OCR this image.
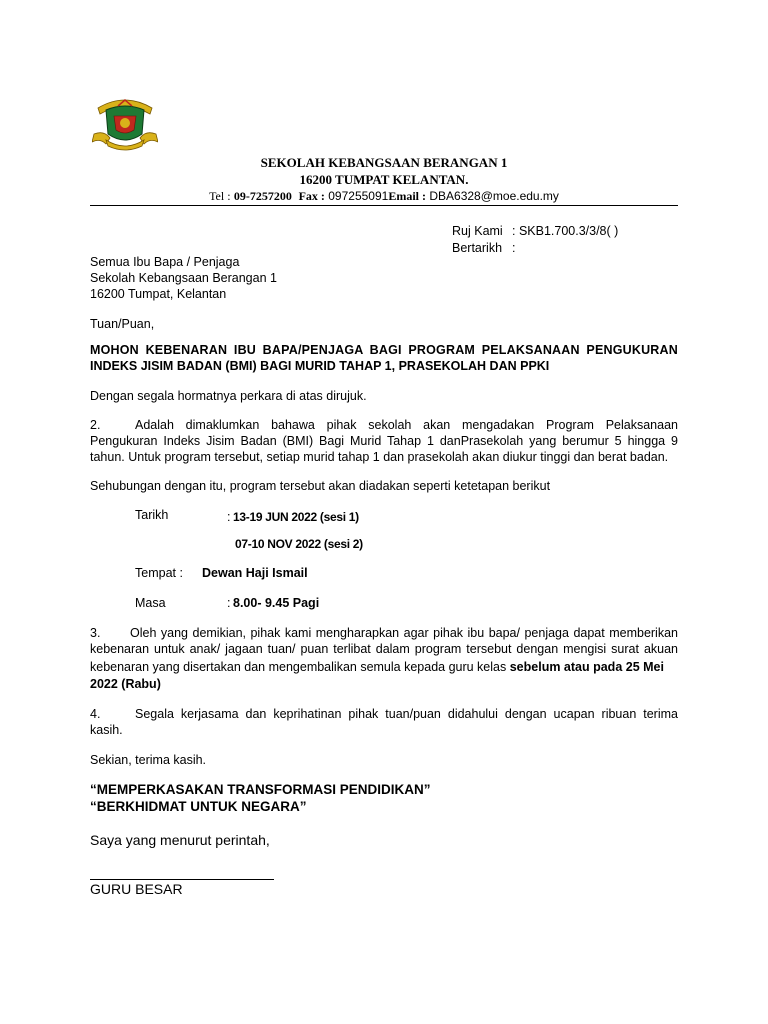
SEKOLAH KEBANGSAAN BERANGAN 1
16200 TUMPAT KELANTAN.
Tel : 09-7257200 Fax : 097255091Email : DBA6328@moe.edu.my
Ruj Kami : SKB1.700.3/3/8( )
Bertarikh :
Semua Ibu Bapa / Penjaga
Sekolah Kebangsaan Berangan 1
16200 Tumpat, Kelantan
Tuan/Puan,
MOHON KEBENARAN IBU BAPA/PENJAGA BAGI PROGRAM PELAKSANAAN PENGUKURAN
INDEKS JISIM BADAN (BMI) BAGI MURID TAHAP 1, PRASEKOLAH DAN PPKI
Dengan segala hormatnya perkara di atas dirujuk.
2.	Adalah dimaklumkan bahawa pihak sekolah akan mengadakan Program Pelaksanaan
Pengukuran Indeks Jisim Badan (BMI) Bagi Murid Tahap 1 danPrasekolah yang berumur 5 hingga 9
tahun. Untuk program tersebut, setiap murid tahap 1 dan prasekolah akan diukur tinggi dan berat badan.
Sehubungan dengan itu, program tersebut akan diadakan seperti ketetapan berikut
Tarikh	: 13-19 JUN 2022 (sesi 1)
07-10 NOV 2022 (sesi 2)
Tempat : Dewan Haji Ismail
Masa	: 8.00- 9.45 Pagi
3. Oleh yang demikian, pihak kami mengharapkan agar pihak ibu bapa/ penjaga dapat memberikan
kebenaran untuk anak/ jagaan tuan/ puan terlibat dalam program tersebut dengan mengisi surat akuan
kebenaran yang disertakan dan mengembalikan semula kepada guru kelas sebelum atau pada 25 Mei
2022 (Rabu)
4.	Segala kerjasama dan keprihatinan pihak tuan/puan didahului dengan ucapan ribuan terima
kasih.
Sekian, terima kasih.
“MEMPERKASAKAN TRANSFORMASI PENDIDIKAN”
“BERKHIDMAT UNTUK NEGARA”
Saya yang menurut perintah,
GURU BESAR
